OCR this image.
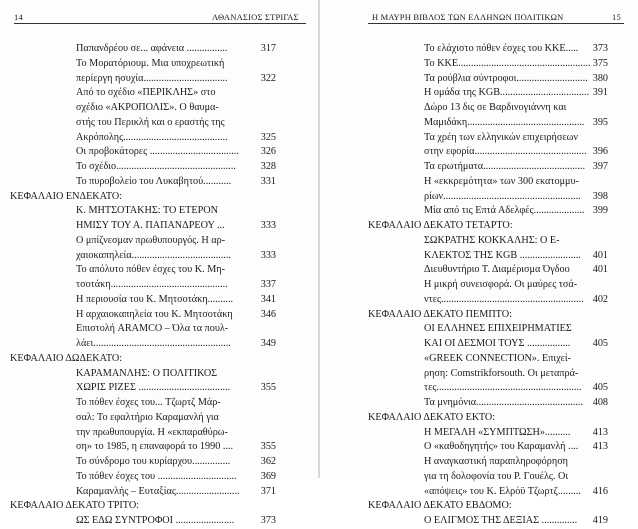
14	ΑΘΑΝΑΣΙΟΣ ΣΤΡΙΓΑΣ
Παπανδρέου σε... αφάνεια ................	317
Το Μορατόριουμ. Μια υποχρεωτική
περίεργη ησυχία.................................	322
Από το σχέδιο «ΠΕΡΙΚΛΗΣ» στο
σχέδιο «ΑΚΡΟΠΟΛΙΣ». Ο θαυμα-
στής του Περικλή και ο εραστής της
Ακρόπολης.........................................	325
Οι προβοκάτορες ...................................	326
Το σχέδιο...............................................	328
Το πυροβολείο του Λυκαβητού...........	331
ΚΕΦΑΛΑΙΟ ΕΝΔΕΚΑΤΟ:
Κ. ΜΗΤΣΟΤΑΚΗΣ: ΤΟ ΕΤΕΡΟΝ
ΗΜΙΣΥ ΤΟΥ Α. ΠΑΠΑΝΔΡΕΟΥ ...	333
Ο μπίζνεσμαν πρωθυπουργός. Η αρ-
χαιοκαπηλεία.......................................	333
Το απόλυτο πόθεν έσχες του Κ. Μη-
τσοτάκη..............................................	337
Η περιουσία του Κ. Μητσοτάκη..........	341
Η αρχαιοκαπηλεία του Κ. Μητσοτάκη	346
Επιστολή ARAMCO – Όλα τα πουλ-
λάει......................................................	349
ΚΕΦΑΛΑΙΟ ΔΩΔΕΚΑΤΟ:
ΚΑΡΑΜΑΝΛΗΣ: Ο ΠΟΛΙΤΙΚΟΣ
ΧΩΡΙΣ ΡΙΖΕΣ ....................................	355
Το πόθεν έσχες του... Τζωρτζ Μάρ-
σαλ: Το εφαλτήριο Καραμανλή για
την πρωθυπουργία. Η «εκπαραθύρω-
ση» το 1985, η επαναφορά το 1990 ....	355
Το σύνδρομο του κυρίαρχου...............	362
Το πόθεν έσχες του ...............................	369
Καραμανλής – Ευταξίας.........................	371
ΚΕΦΑΛΑΙΟ ΔΕΚΑΤΟ ΤΡΙΤΟ:
ΩΣ ΕΔΩ ΣΥΝΤΡΟΦΟΙ .......................	373
Η ΜΑΥΡΗ ΒΙΒΛΟΣ ΤΩΝ ΕΛΛΗΝΩΝ ΠΟΛΙΤΙΚΩΝ	15
Το ελάχιστο πόθεν έσχες του ΚΚΕ.....	373
Το ΚΚΕ.................................................... 375
Τα ρούβλια σύντροφοι............................ 380
Η ομάδα της KGB................................... 391
Δώρο 13 δις σε Βαρδινογιάννη και
Μαμιδάκη.............................................. 395
Τα χρέη των ελληνικών επιχειρήσεων
στην εφορία............................................ 396
Τα ερωτήματα........................................ 397
Η «εκκρεμότητα» των 300 εκατομμυ-
ρίων......................................................	398
Μία από τις Επτά Αδελφές.................... 399
ΚΕΦΑΛΑΙΟ ΔΕΚΑΤΟ ΤΕΤΑΡΤΟ:
ΣΩΚΡΑΤΗΣ ΚΟΚΚΑΛΗΣ: Ο Ε-
ΚΛΕΚΤΟΣ ΤΗΣ KGB ........................	401
Διευθυντήριο Τ. Διαμέρισμα Όγδοο	401
Η μικρή συνεισφορά. Οι μαύρες τσά-
ντες........................................................ 402
ΚΕΦΑΛΑΙΟ ΔΕΚΑΤΟ ΠΕΜΠΤΟ:
ΟΙ ΕΛΛΗΝΕΣ ΕΠΙΧΕΙΡΗΜΑΤΙΕΣ
ΚΑΙ ΟΙ ΔΕΣΜΟΙ ΤΟΥΣ .................	405
«GREEK CONNECTION». Επιχεί-
ρηση: Comstrikforsouth. Οι μεταπρά-
τες.........................................................	405
Τα μνημόνια.......................................... 408
ΚΕΦΑΛΑΙΟ ΔΕΚΑΤΟ ΕΚΤΟ:
Η ΜΕΓΑΛΗ «ΣΥΜΠΤΩΣΗ»..........	413
Ο «καθοδηγητής» του Καραμανλή ....	413
Η αναγκαστική παραπληροφόρηση
για τη δολοφονία του Ρ. Γουέλς. Οι
«απόψεις» του Κ. Ελρόϋ Τζωρτζ.........	416
ΚΕΦΑΛΑΙΟ ΔΕΚΑΤΟ ΕΒΔΟΜΟ:
Ο ΕΛΙΓΜΟΣ ΤΗΣ ΔΕΞΙΑΣ ..............	419
